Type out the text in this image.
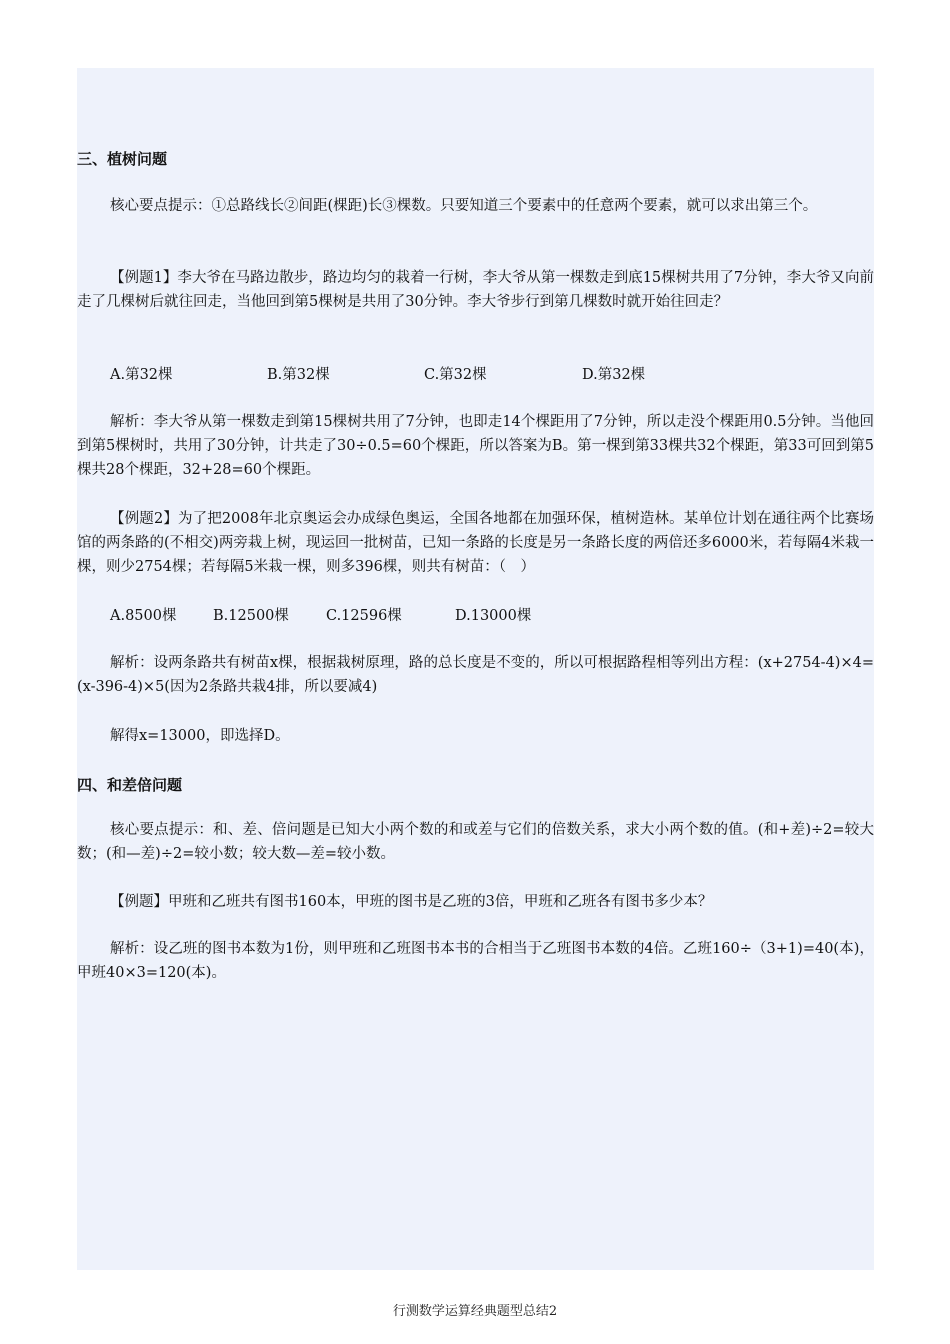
三、植树问题
核心要点提示：①总路线长②间距(棵距)长③棵数。只要知道三个要素中的任意两个要素，就可以求出第三个。
【例题1】李大爷在马路边散步，路边均匀的栽着一行树，李大爷从第一棵数走到底15棵树共用了7分钟，李大爷又向前走了几棵树后就往回走，当他回到第5棵树是共用了30分钟。李大爷步行到第几棵数时就开始往回走？
A.第32棵	B.第32棵	C.第32棵	D.第32棵
解析：李大爷从第一棵数走到第15棵树共用了7分钟，也即走14个棵距用了7分钟，所以走没个棵距用0.5分钟。当他回到第5棵树时，共用了30分钟，计共走了30÷0.5=60个棵距，所以答案为B。第一棵到第33棵共32个棵距，第33可回到第5棵共28个棵距，32+28=60个棵距。
【例题2】为了把2008年北京奥运会办成绿色奥运，全国各地都在加强环保，植树造林。某单位计划在通往两个比赛场馆的两条路的(不相交)两旁栽上树，现运回一批树苗，已知一条路的长度是另一条路长度的两倍还多6000米，若每隔4米栽一棵，则少2754棵；若每隔5米栽一棵，则多396棵，则共有树苗：（　）
A.8500棵	B.12500棵	C.12596棵	D.13000棵
解析：设两条路共有树苗x棵，根据栽树原理，路的总长度是不变的，所以可根据路程相等列出方程：(x+2754-4)×4=(x-396-4)×5(因为2条路共栽4排，所以要减4)
解得x=13000，即选择D。
四、和差倍问题
核心要点提示：和、差、倍问题是已知大小两个数的和或差与它们的倍数关系，求大小两个数的值。(和+差)÷2=较大数；(和—差)÷2=较小数；较大数—差=较小数。
【例题】甲班和乙班共有图书160本，甲班的图书是乙班的3倍，甲班和乙班各有图书多少本？
解析：设乙班的图书本数为1份，则甲班和乙班图书本书的合相当于乙班图书本数的4倍。乙班160÷（3+1)=40(本)，甲班40×3=120(本)。
行测数学运算经典题型总结2
